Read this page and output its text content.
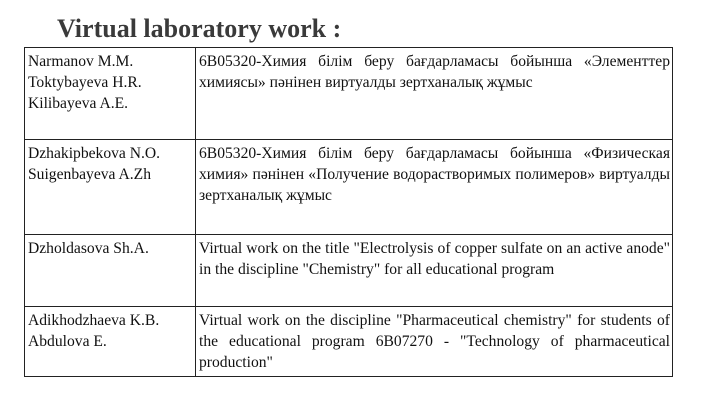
Virtual laboratory work :
Narmanov M.M.
Toktybayeva H.R.
Kilibayeva A.E.	6B05320-Химия білім беру бағдарламасы бойынша «Элементтер химиясы» пәнінен виртуалды зертханалық жұмыс

Dzhakipbekova N.O.
Suigenbayeva A.Zh	6B05320-Химия білім беру бағдарламасы бойынша «Физическая химия» пәнінен «Получение водорастворимых полимеров» виртуалды зертханалық жұмыс

Dzholdasova Sh.A.	Virtual work on the title "Electrolysis of copper sulfate on an active anode" in the discipline "Chemistry" for all educational program

Adikhodzhaeva K.B.
Abdulova E.	Virtual work on the discipline "Pharmaceutical chemistry" for students of the educational program 6B07270 - "Technology of pharmaceutical production"
